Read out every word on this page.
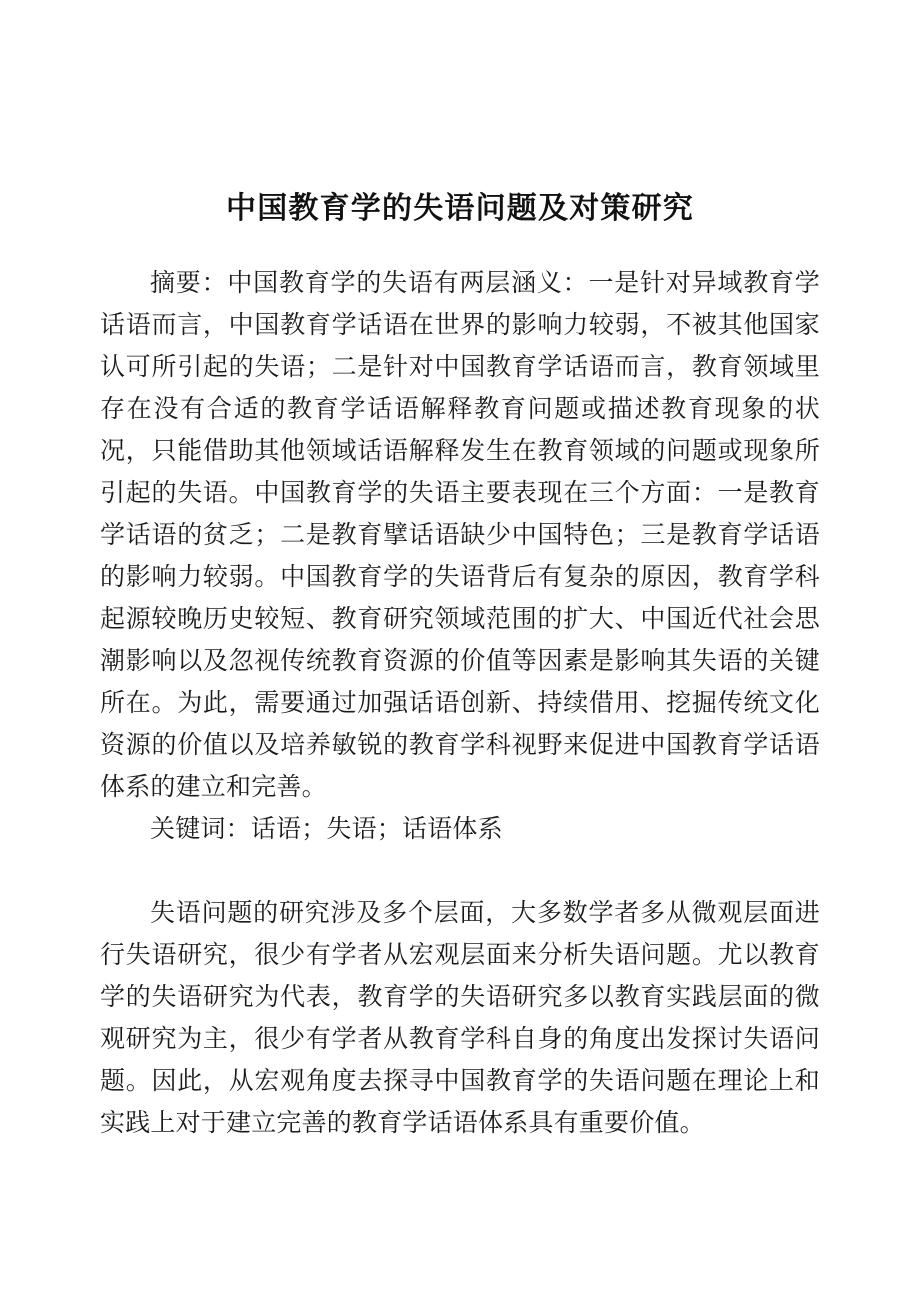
中国教育学的失语问题及对策研究

摘要：中国教育学的失语有两层涵义：一是针对异域教育学话语而言，中国教育学话语在世界的影响力较弱，不被其他国家认可所引起的失语；二是针对中国教育学话语而言，教育领域里存在没有合适的教育学话语解释教育问题或描述教育现象的状况，只能借助其他领域话语解释发生在教育领域的问题或现象所引起的失语。中国教育学的失语主要表现在三个方面：一是教育学话语的贫乏；二是教育擘话语缺少中国特色；三是教育学话语的影响力较弱。中国教育学的失语背后有复杂的原因，教育学科起源较晚历史较短、教育研究领域范围的扩大、中国近代社会思潮影响以及忽视传统教育资源的价值等因素是影响其失语的关键所在。为此，需要通过加强话语创新、持续借用、挖掘传统文化资源的价值以及培养敏锐的教育学科视野来促进中国教育学话语体系的建立和完善。

关键词：话语；失语；话语体系

失语问题的研究涉及多个层面，大多数学者多从微观层面进行失语研究，很少有学者从宏观层面来分析失语问题。尤以教育学的失语研究为代表，教育学的失语研究多以教育实践层面的微观研究为主，很少有学者从教育学科自身的角度出发探讨失语问题。因此，从宏观角度去探寻中国教育学的失语问题在理论上和实践上对于建立完善的教育学话语体系具有重要价值。
